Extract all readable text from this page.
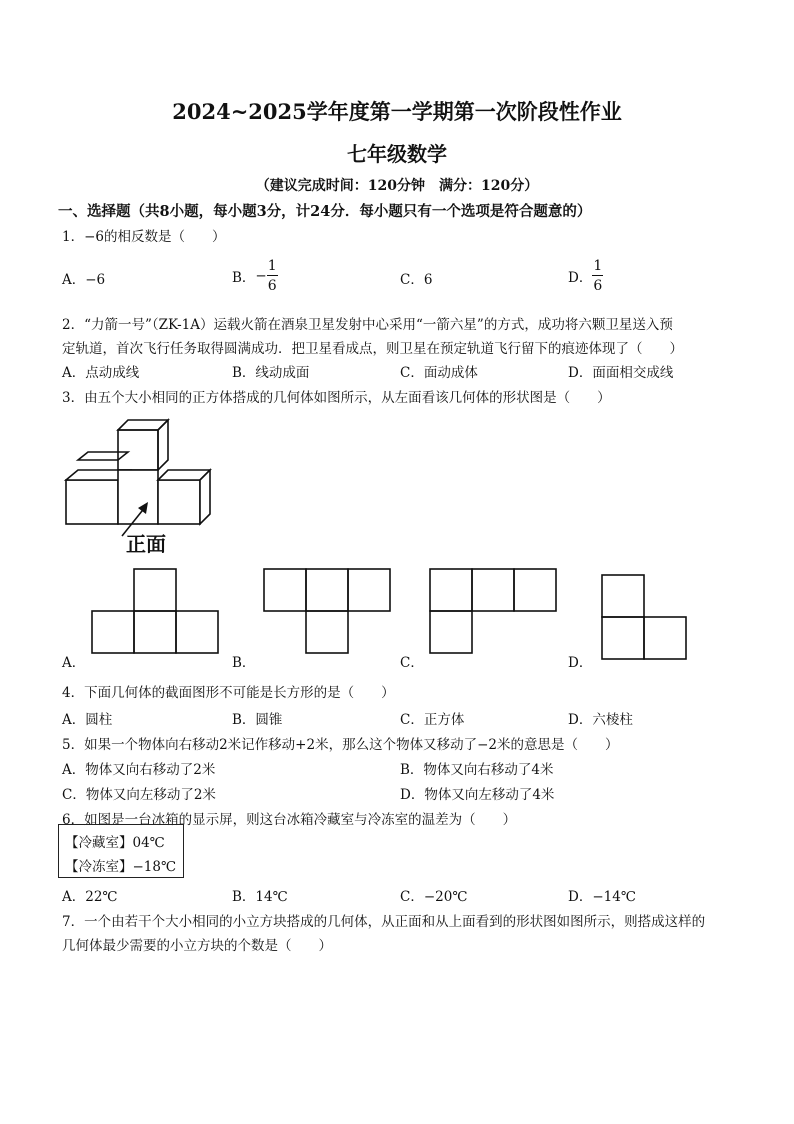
2024~2025学年度第一学期第一次阶段性作业
七年级数学
（建议完成时间：120分钟　满分：120分）
一、选择题（共8小题，每小题3分，计24分．每小题只有一个选项是符合题意的）
1．−6的相反数是（　　）
A．−6	B．− $\frac{1}{6}$	C．6	D． $\frac{1}{6}$
2．“力箭一号”（ZK-1A）运载火箭在酒泉卫星发射中心采用“一箭六星”的方式，成功将六颗卫星送入预
定轨道，首次飞行任务取得圆满成功．把卫星看成点，则卫星在预定轨道飞行留下的痕迹体现了（　　）
A．点动成线	B．线动成面	C．面动成体	D．面面相交成线
3．由五个大小相同的正方体搭成的几何体如图所示，从左面看该几何体的形状图是（　　）
正面
A．	B．	C．	D．
4．下面几何体的截面图形不可能是长方形的是（　　）
A．圆柱	B．圆锥	C．正方体	D．六棱柱
5．如果一个物体向右移动2米记作移动+2米，那么这个物体又移动了−2米的意思是（　　）
A．物体又向右移动了2米	B．物体又向右移动了4米
C．物体又向左移动了2米	D．物体又向左移动了4米
6．如图是一台冰箱的显示屏，则这台冰箱冷藏室与冷冻室的温差为（　　）
【冷藏室】04℃
【冷冻室】−18℃
A．22℃	B．14℃	C．−20℃	D．−14℃
7．一个由若干个大小相同的小立方块搭成的几何体，从正面和从上面看到的形状图如图所示，则搭成这样的
几何体最少需要的小立方块的个数是（　　）
